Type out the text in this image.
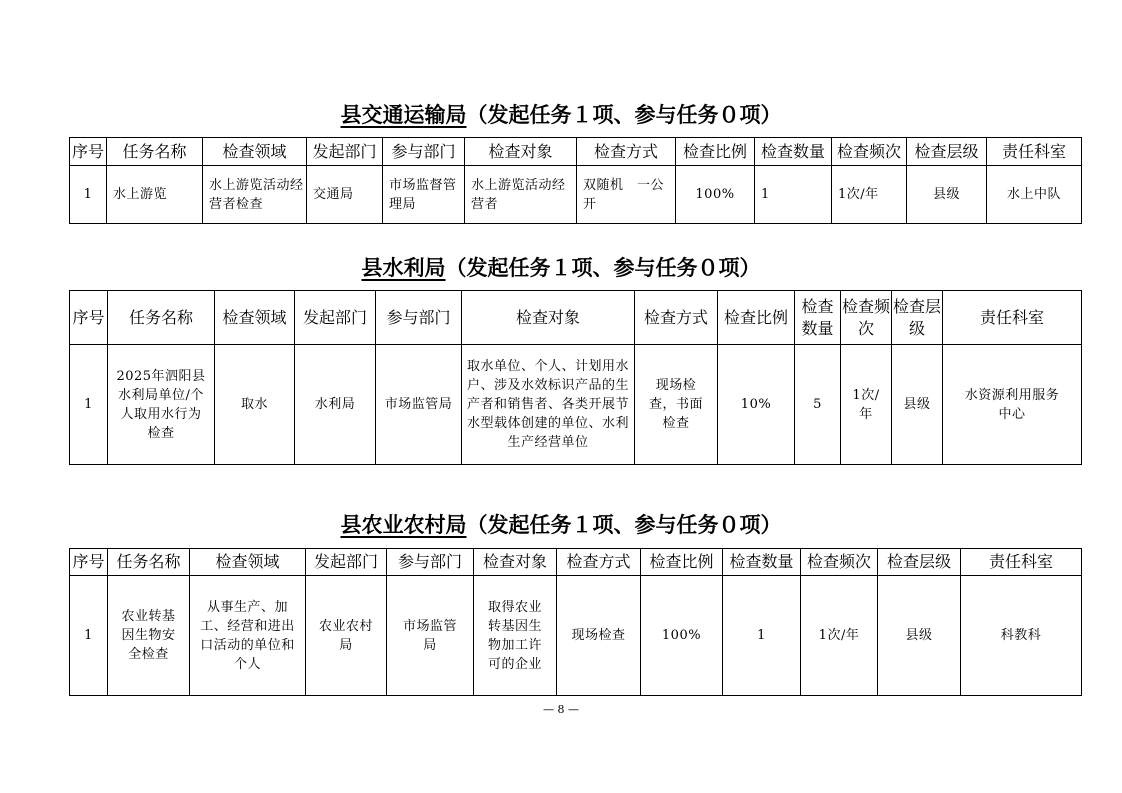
县交通运输局（发起任务１项、参与任务０项）
序号	任务名称	检查领域	发起部门	参与部门	检查对象	检查方式	检查比例	检查数量	检查频次	检查层级	责任科室
1	水上游览	水上游览活动经营者检查	交通局	市场监督管理局	水上游览活动经营者	双随机　一公开	100%	1	1次/年	县级	水上中队
县水利局（发起任务１项、参与任务０项）
序号	任务名称	检查领域	发起部门	参与部门	检查对象	检查方式	检查比例	检查数量	检查频次	检查层级	责任科室
1	2025年泗阳县水利局单位/个人取用水行为检查	取水	水利局	市场监管局	取水单位、个人、计划用水户、涉及水效标识产品的生产者和销售者、各类开展节水型载体创建的单位、水利生产经营单位	现场检查，书面检查	10%	5	1次/年	县级	水资源利用服务中心
县农业农村局（发起任务１项、参与任务０项）
序号	任务名称	检查领域	发起部门	参与部门	检查对象	检查方式	检查比例	检查数量	检查频次	检查层级	责任科室
1	农业转基因生物安全检查	从事生产、加工、经营和进出口活动的单位和个人	农业农村局	市场监管局	取得农业转基因生物加工许可的企业	现场检查	100%	1	1次/年	县级	科教科
— 8 —
